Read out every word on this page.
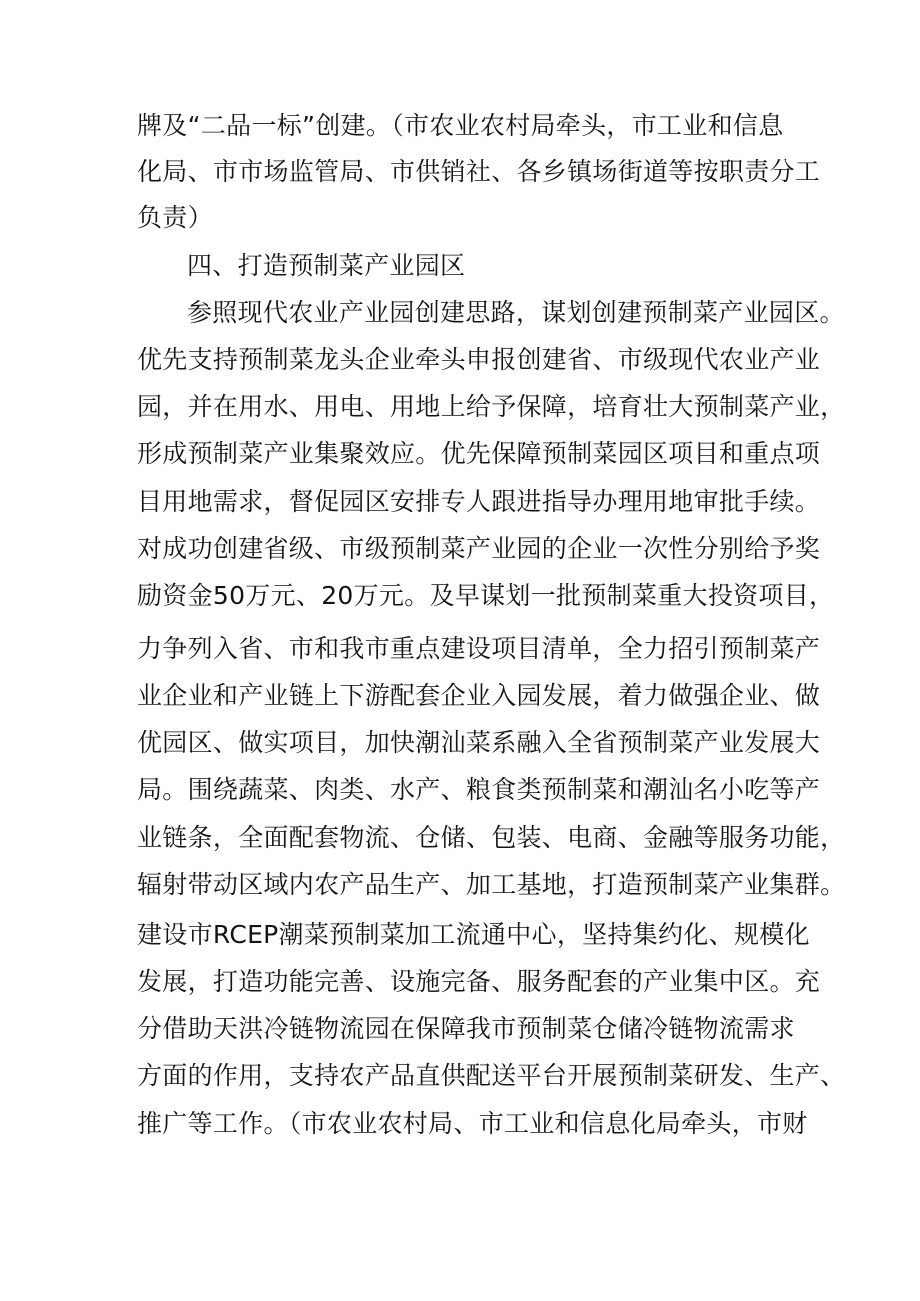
牌及“二品一标”创建。（市农业农村局牵头，市工业和信息
化局、市市场监管局、市供销社、各乡镇场街道等按职责分工
负责）
四、打造预制菜产业园区
参照现代农业产业园创建思路，谋划创建预制菜产业园区。
优先支持预制菜龙头企业牵头申报创建省、市级现代农业产业
园，并在用水、用电、用地上给予保障，培育壮大预制菜产业，
形成预制菜产业集聚效应。优先保障预制菜园区项目和重点项
目用地需求，督促园区安排专人跟进指导办理用地审批手续。
对成功创建省级、市级预制菜产业园的企业一次性分别给予奖
励资金50万元、20万元。及早谋划一批预制菜重大投资项目，
力争列入省、市和我市重点建设项目清单，全力招引预制菜产
业企业和产业链上下游配套企业入园发展，着力做强企业、做
优园区、做实项目，加快潮汕菜系融入全省预制菜产业发展大
局。围绕蔬菜、肉类、水产、粮食类预制菜和潮汕名小吃等产
业链条，全面配套物流、仓储、包装、电商、金融等服务功能，
辐射带动区域内农产品生产、加工基地，打造预制菜产业集群。
建设市RCEP潮菜预制菜加工流通中心，坚持集约化、规模化
发展，打造功能完善、设施完备、服务配套的产业集中区。充
分借助天洪冷链物流园在保障我市预制菜仓储冷链物流需求
方面的作用，支持农产品直供配送平台开展预制菜研发、生产、
推广等工作。（市农业农村局、市工业和信息化局牵头，市财
